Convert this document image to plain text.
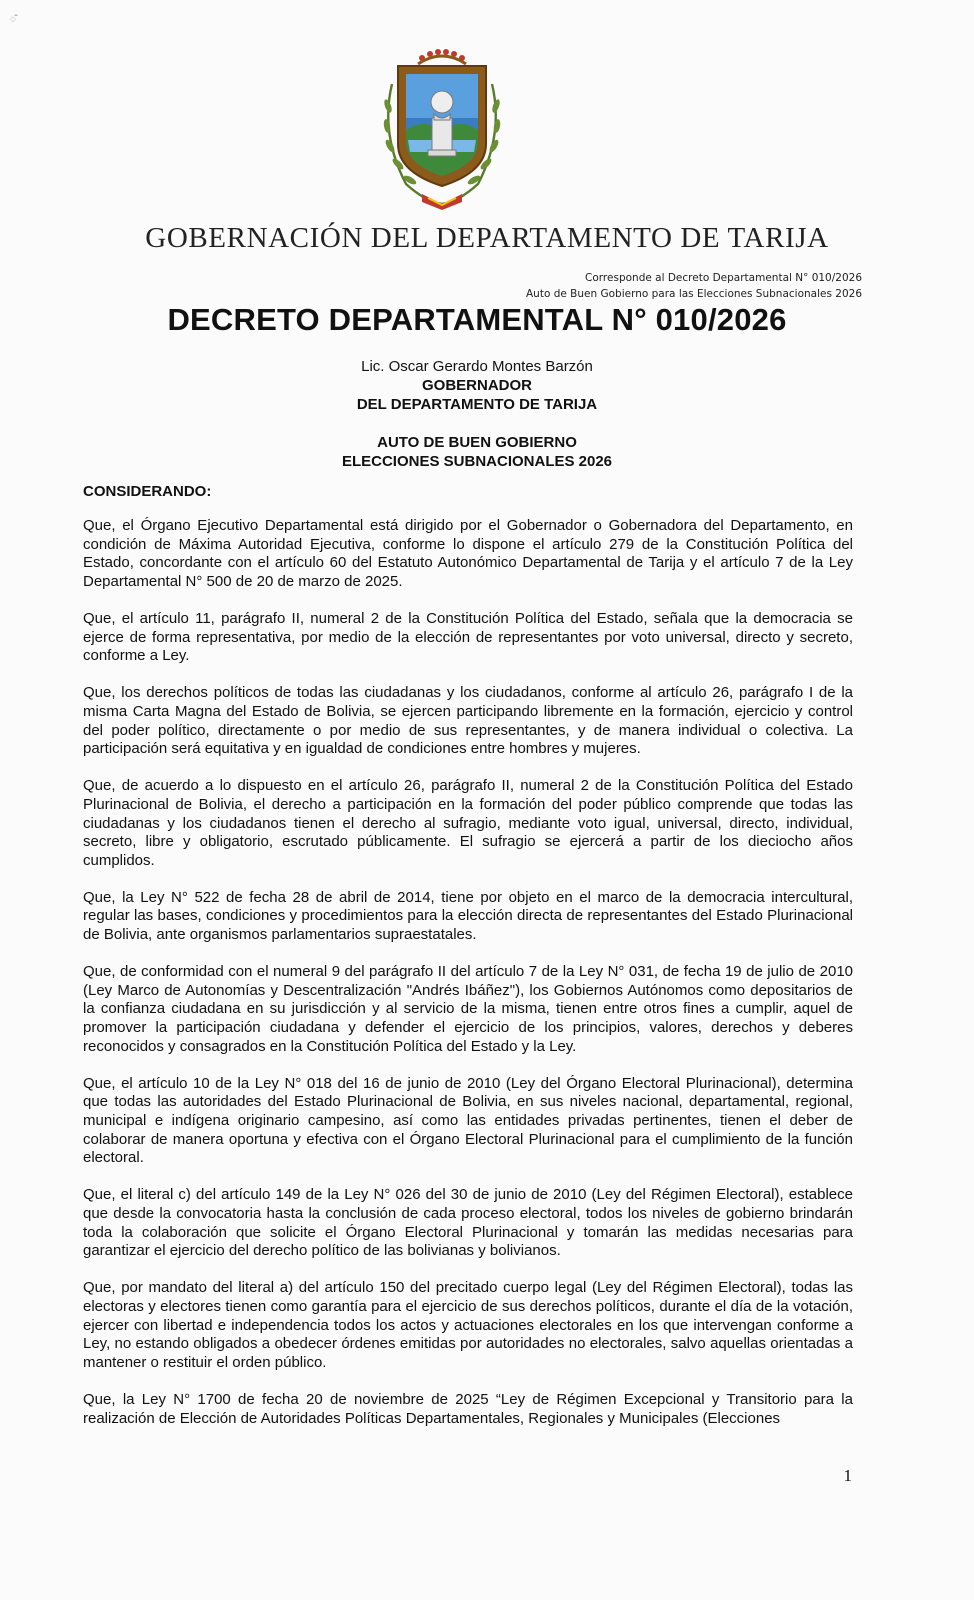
◌̂
GOBERNACIÓN DEL DEPARTAMENTO DE TARIJA
Corresponde al Decreto Departamental N° 010/2026
Auto de Buen Gobierno para las Elecciones Subnacionales 2026
DECRETO DEPARTAMENTAL N° 010/2026
Lic. Oscar Gerardo Montes Barzón
GOBERNADOR
DEL DEPARTAMENTO DE TARIJA
AUTO DE BUEN GOBIERNO
ELECCIONES SUBNACIONALES 2026
CONSIDERANDO:

Que, el Órgano Ejecutivo Departamental está dirigido por el Gobernador o Gobernadora del Departamento, en condición de Máxima Autoridad Ejecutiva, conforme lo dispone el artículo 279 de la Constitución Política del Estado, concordante con el artículo 60 del Estatuto Autonómico Departamental de Tarija y el artículo 7 de la Ley Departamental N° 500 de 20 de marzo de 2025.

Que, el artículo 11, parágrafo II, numeral 2 de la Constitución Política del Estado, señala que la democracia se ejerce de forma representativa, por medio de la elección de representantes por voto universal, directo y secreto, conforme a Ley.

Que, los derechos políticos de todas las ciudadanas y los ciudadanos, conforme al artículo 26, parágrafo I de la misma Carta Magna del Estado de Bolivia, se ejercen participando libremente en la formación, ejercicio y control del poder político, directamente o por medio de sus representantes, y de manera individual o colectiva. La participación será equitativa y en igualdad de condiciones entre hombres y mujeres.

Que, de acuerdo a lo dispuesto en el artículo 26, parágrafo II, numeral 2 de la Constitución Política del Estado Plurinacional de Bolivia, el derecho a participación en la formación del poder público comprende que todas las ciudadanas y los ciudadanos tienen el derecho al sufragio, mediante voto igual, universal, directo, individual, secreto, libre y obligatorio, escrutado públicamente. El sufragio se ejercerá a partir de los dieciocho años cumplidos.

Que, la Ley N° 522 de fecha 28 de abril de 2014, tiene por objeto en el marco de la democracia intercultural, regular las bases, condiciones y procedimientos para la elección directa de representantes del Estado Plurinacional de Bolivia, ante organismos parlamentarios supraestatales.

Que, de conformidad con el numeral 9 del parágrafo II del artículo 7 de la Ley N° 031, de fecha 19 de julio de 2010 (Ley Marco de Autonomías y Descentralización "Andrés Ibáñez"), los Gobiernos Autónomos como depositarios de la confianza ciudadana en su jurisdicción y al servicio de la misma, tienen entre otros fines a cumplir, aquel de promover la participación ciudadana y defender el ejercicio de los principios, valores, derechos y deberes reconocidos y consagrados en la Constitución Política del Estado y la Ley.

Que, el artículo 10 de la Ley N° 018 del 16 de junio de 2010 (Ley del Órgano Electoral Plurinacional), determina que todas las autoridades del Estado Plurinacional de Bolivia, en sus niveles nacional, departamental, regional, municipal e indígena originario campesino, así como las entidades privadas pertinentes, tienen el deber de colaborar de manera oportuna y efectiva con el Órgano Electoral Plurinacional para el cumplimiento de la función electoral.

Que, el literal c) del artículo 149 de la Ley N° 026 del 30 de junio de 2010 (Ley del Régimen Electoral), establece que desde la convocatoria hasta la conclusión de cada proceso electoral, todos los niveles de gobierno brindarán toda la colaboración que solicite el Órgano Electoral Plurinacional y tomarán las medidas necesarias para garantizar el ejercicio del derecho político de las bolivianas y bolivianos.

Que, por mandato del literal a) del artículo 150 del precitado cuerpo legal (Ley del Régimen Electoral), todas las electoras y electores tienen como garantía para el ejercicio de sus derechos políticos, durante el día de la votación, ejercer con libertad e independencia todos los actos y actuaciones electorales en los que intervengan conforme a Ley, no estando obligados a obedecer órdenes emitidas por autoridades no electorales, salvo aquellas orientadas a mantener o restituir el orden público.

Que, la Ley N° 1700 de fecha 20 de noviembre de 2025 “Ley de Régimen Excepcional y Transitorio para la realización de Elección de Autoridades Políticas Departamentales, Regionales y Municipales (Elecciones

1
